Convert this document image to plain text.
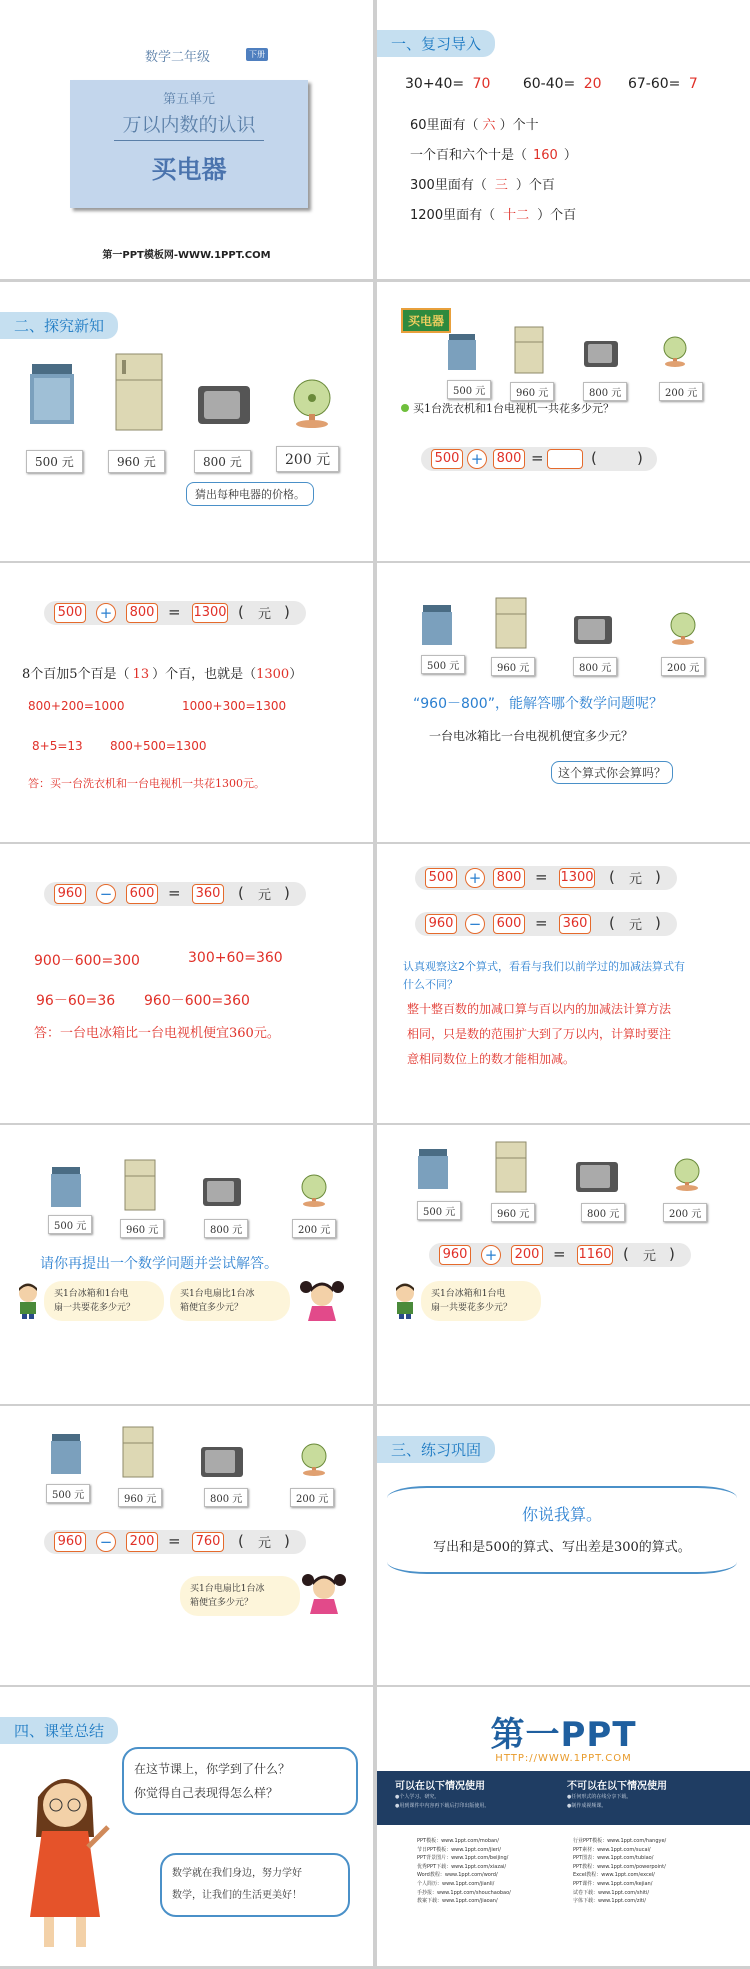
数学二年级	下册
第五单元
万以内数的认识
买电器
第一PPT模板网-WWW.1PPT.COM
一、复习导入
30+40= 70 60-40= 20 67-60= 7
60里面有（ 六 ）个十
一个百和六个十是（ 160 ）
300里面有（ 三 ）个百
1200里面有（ 十二 ）个百
二、探究新知
500 元	960 元	800 元	200 元
猜出每种电器的价格。
买电器
500 元	960 元	800 元	200 元
买1台洗衣机和1台电视机一共花多少元？
500 + 800 =	(	)
500 + 800 = 1300 ( 元 )
8个百加5个百是（ 13 ）个百，也就是（1300）
800+200=1000	1000+300=1300
8+5=13 800+500=1300
答：买一台洗衣机和一台电视机一共花1300元。
500 元	960 元	800 元	200 元
“960－800”，能解答哪个数学问题呢？
一台电冰箱比一台电视机便宜多少元？
这个算式你会算吗？
960 − 600 = 360 ( 元 )
900－600=300	300+60=360
96－60=36 960－600=360
答：一台电冰箱比一台电视机便宜360元。
500 + 800 = 1300 ( 元 )
960 − 600 = 360 ( 元 )
认真观察这2个算式，看看与我们以前学过的加减法算式有
什么不同？
整十整百数的加减口算与百以内的加减法计算方法
相同，只是数的范围扩大到了万以内，计算时要注
意相同数位上的数才能相加减。
500 元	960 元	800 元	200 元
请你再提出一个数学问题并尝试解答。
买1台冰箱和1台电
扇一共要花多少元？
买1台电扇比1台冰
箱便宜多少元？
500 元	960 元	800 元	200 元
960 + 200 = 1160 ( 元 )
买1台冰箱和1台电
扇一共要花多少元？
500 元	960 元	800 元	200 元
960 − 200 = 760 ( 元 )
买1台电扇比1台冰
箱便宜多少元？
三、练习巩固
你说我算。
写出和是500的算式、写出差是300的算式。
四、课堂总结
在这节课上，你学到了什么？
你觉得自己表现得怎么样？
数学就在我们身边，努力学好
数学，让我们的生活更美好！
第一PPT
HTTP://WWW.1PPT.COM
可以在以下情况使用
●个人学习、研究。
●用到课件中内容再下载后打印出版使用。
不可以在以下情况使用
●任何形式的在线分享下载。
●制作成视频课。
PPT模板：www.1ppt.com/moban/
节日PPT模板：www.1ppt.com/jieri/
PPT背景图片：www.1ppt.com/beijing/
优秀PPT下载：www.1ppt.com/xiazai/
Word教程：www.1ppt.com/word/
个人简历：www.1ppt.com/jianli/
手抄报：www.1ppt.com/shouchaobao/
教案下载：www.1ppt.com/jiaoan/
行业PPT模板：www.1ppt.com/hangye/
PPT素材：www.1ppt.com/sucai/
PPT图表：www.1ppt.com/tubiao/
PPT教程：www.1ppt.com/powerpoint/
Excel教程：www.1ppt.com/excel/
PPT课件：www.1ppt.com/kejian/
试卷下载：www.1ppt.com/shiti/
字体下载：www.1ppt.com/ziti/
